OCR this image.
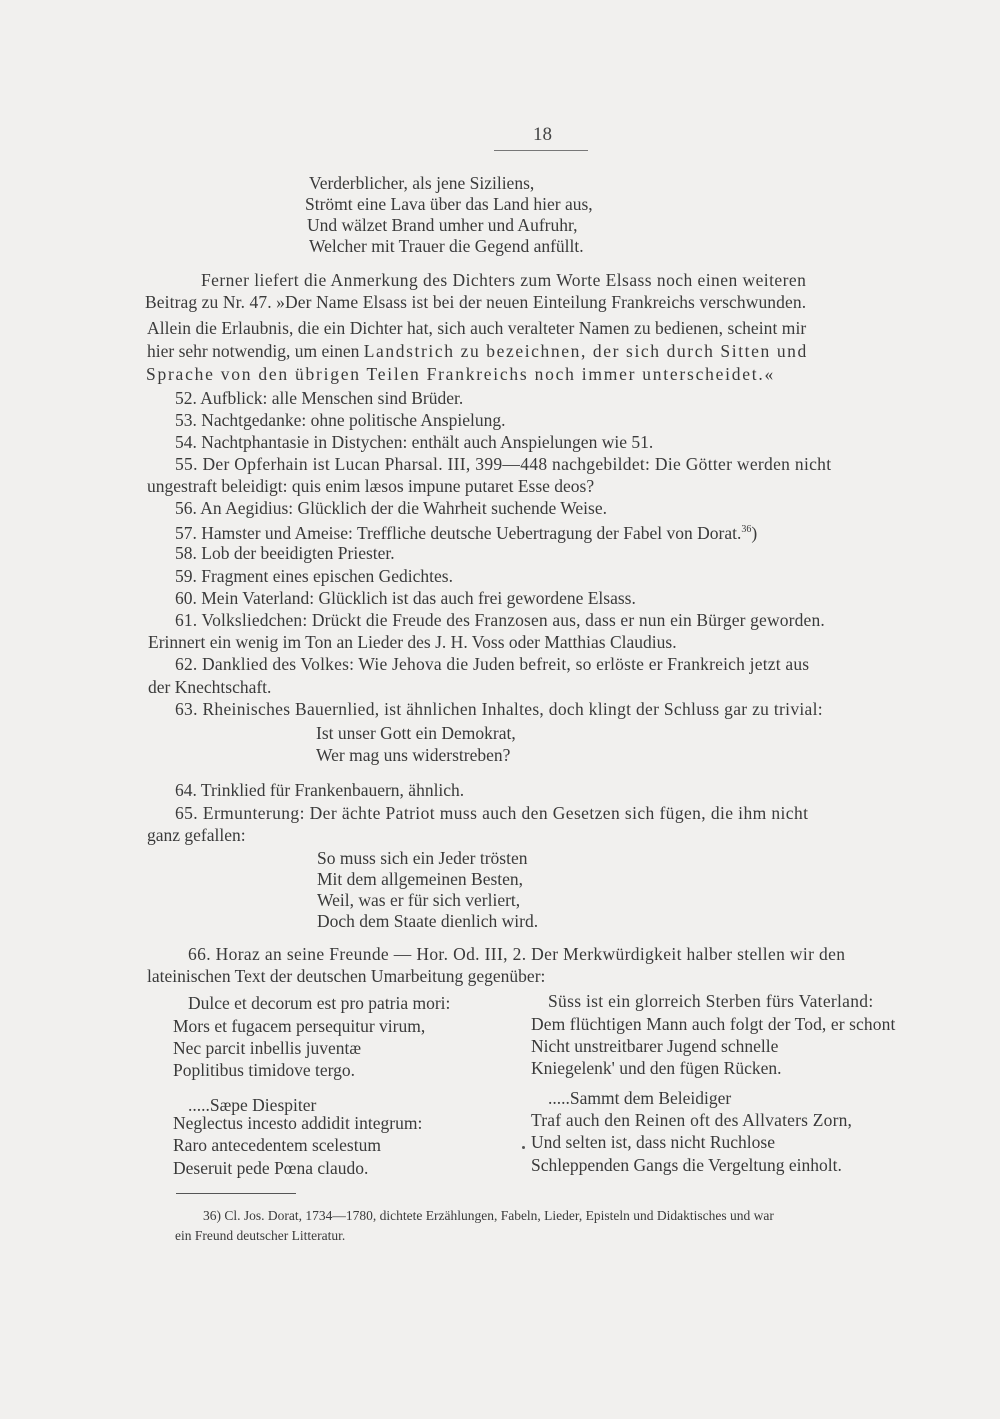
18
Verderblicher, als jene Siziliens,
Strömt eine Lava über das Land hier aus,
Und wälzet Brand umher und Aufruhr,
Welcher mit Trauer die Gegend anfüllt.
Ferner liefert die Anmerkung des Dichters zum Worte Elsass noch einen weiteren
Beitrag zu Nr. 47. »Der Name Elsass ist bei der neuen Einteilung Frankreichs verschwunden.
Allein die Erlaubnis, die ein Dichter hat, sich auch veralteter Namen zu bedienen, scheint mir
hier sehr notwendig, um einen Landstrich zu bezeichnen, der sich durch Sitten und
Sprache von den übrigen Teilen Frankreichs noch immer unterscheidet.«
52. Aufblick: alle Menschen sind Brüder.
53. Nachtgedanke: ohne politische Anspielung.
54. Nachtphantasie in Distychen: enthält auch Anspielungen wie 51.
55. Der Opferhain ist Lucan Pharsal. III, 399—448 nachgebildet: Die Götter werden nicht
ungestraft beleidigt: quis enim læsos impune putaret Esse deos?
56. An Aegidius: Glücklich der die Wahrheit suchende Weise.
57. Hamster und Ameise: Treffliche deutsche Uebertragung der Fabel von Dorat.$^{36}$)
58. Lob der beeidigten Priester.
59. Fragment eines epischen Gedichtes.
60. Mein Vaterland: Glücklich ist das auch frei gewordene Elsass.
61. Volksliedchen: Drückt die Freude des Franzosen aus, dass er nun ein Bürger geworden.
Erinnert ein wenig im Ton an Lieder des J. H. Voss oder Matthias Claudius.
62. Danklied des Volkes: Wie Jehova die Juden befreit, so erlöste er Frankreich jetzt aus
der Knechtschaft.
63. Rheinisches Bauernlied, ist ähnlichen Inhaltes, doch klingt der Schluss gar zu trivial:
Ist unser Gott ein Demokrat,
Wer mag uns widerstreben?
64. Trinklied für Frankenbauern, ähnlich.
65. Ermunterung: Der ächte Patriot muss auch den Gesetzen sich fügen, die ihm nicht
ganz gefallen:
So muss sich ein Jeder trösten
Mit dem allgemeinen Besten,
Weil, was er für sich verliert,
Doch dem Staate dienlich wird.
66. Horaz an seine Freunde — Hor. Od. III, 2. Der Merkwürdigkeit halber stellen wir den
lateinischen Text der deutschen Umarbeitung gegenüber:
Dulce et decorum est pro patria mori:
Mors et fugacem persequitur virum,
Nec parcit inbellis juventæ
Poplitibus timidove tergo.
.....Sæpe Diespiter
Neglectus incesto addidit integrum:
Raro antecedentem scelestum
Deseruit pede Pœna claudo.
Süss ist ein glorreich Sterben fürs Vaterland:
Dem flüchtigen Mann auch folgt der Tod, er schont
Nicht unstreitbarer Jugend schnelle
Kniegelenk' und den fügen Rücken.
.....Sammt dem Beleidiger
Traf auch den Reinen oft des Allvaters Zorn,
Und selten ist, dass nicht Ruchlose
Schleppenden Gangs die Vergeltung einholt.
36) Cl. Jos. Dorat, 1734—1780, dichtete Erzählungen, Fabeln, Lieder, Episteln und Didaktisches und war
ein Freund deutscher Litteratur.
